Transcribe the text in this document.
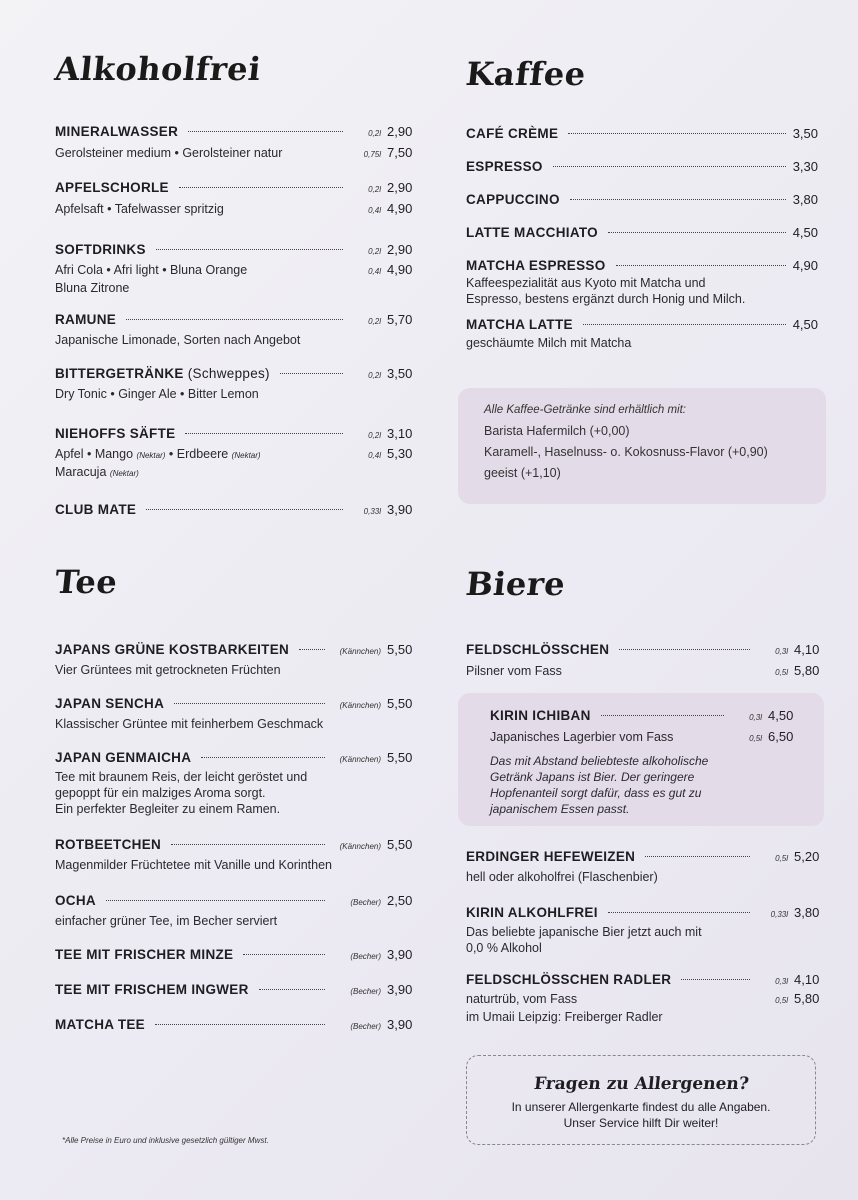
Alkoholfrei
MINERALWASSER	0,2l 2,90
Gerolsteiner medium • Gerolsteiner natur	0,75l 7,50
APFELSCHORLE	0,2l 2,90
Apfelsaft • Tafelwasser spritzig	0,4l 4,90
SOFTDRINKS	0,2l 2,90
Afri Cola • Afri light • Bluna Orange	0,4l 4,90
Bluna Zitrone
RAMUNE	0,2l 5,70
Japanische Limonade, Sorten nach Angebot
BITTERGETRÄNKE (Schweppes)	0,2l 3,50
Dry Tonic • Ginger Ale • Bitter Lemon
NIEHOFFS SÄFTE	0,2l 3,10
Apfel • Mango (Nektar) • Erdbeere (Nektar)	0,4l 5,30
Maracuja (Nektar)
CLUB MATE	0,33l 3,90
Kaffee
CAFÉ CRÈME	3,50
ESPRESSO	3,30
CAPPUCCINO	3,80
LATTE MACCHIATO	4,50
MATCHA ESPRESSO	4,90
Kaffeespezialität aus Kyoto mit Matcha und
Espresso, bestens ergänzt durch Honig und Milch.
MATCHA LATTE	4,50
geschäumte Milch mit Matcha
Alle Kaffee-Getränke sind erhältlich mit:
Barista Hafermilch (+0,00)
Karamell-, Haselnuss- o. Kokosnuss-Flavor (+0,90)
geeist (+1,10)
Tee
JAPANS GRÜNE KOSTBARKEITEN	(Kännchen) 5,50
Vier Grüntees mit getrockneten Früchten
JAPAN SENCHA	(Kännchen) 5,50
Klassischer Grüntee mit feinherbem Geschmack
JAPAN GENMAICHA	(Kännchen) 5,50
Tee mit braunem Reis, der leicht geröstet und
gepoppt für ein malziges Aroma sorgt.
Ein perfekter Begleiter zu einem Ramen.
ROTBEETCHEN	(Kännchen) 5,50
Magenmilder Früchtetee mit Vanille und Korinthen
OCHA	(Becher) 2,50
einfacher grüner Tee, im Becher serviert
TEE MIT FRISCHER MINZE	(Becher) 3,90
TEE MIT FRISCHEM INGWER	(Becher) 3,90
MATCHA TEE	(Becher) 3,90
Biere
FELDSCHLÖSSCHEN	0,3l 4,10
Pilsner vom Fass	0,5l 5,80
KIRIN ICHIBAN	0,3l 4,50
Japanisches Lagerbier vom Fass	0,5l 6,50
Das mit Abstand beliebteste alkoholische
Getränk Japans ist Bier. Der geringere
Hopfenanteil sorgt dafür, dass es gut zu
japanischem Essen passt.
ERDINGER HEFEWEIZEN	0,5l 5,20
hell oder alkoholfrei (Flaschenbier)
KIRIN ALKOHLFREI	0,33l 3,80
Das beliebte japanische Bier jetzt auch mit
0,0 % Alkohol
FELDSCHLÖSSCHEN RADLER	0,3l 4,10
naturtrüb, vom Fass	0,5l 5,80
im Umaii Leipzig: Freiberger Radler
Fragen zu Allergenen?
In unserer Allergenkarte findest du alle Angaben.
Unser Service hilft Dir weiter!
*Alle Preise in Euro und inklusive gesetzlich gültiger Mwst.
